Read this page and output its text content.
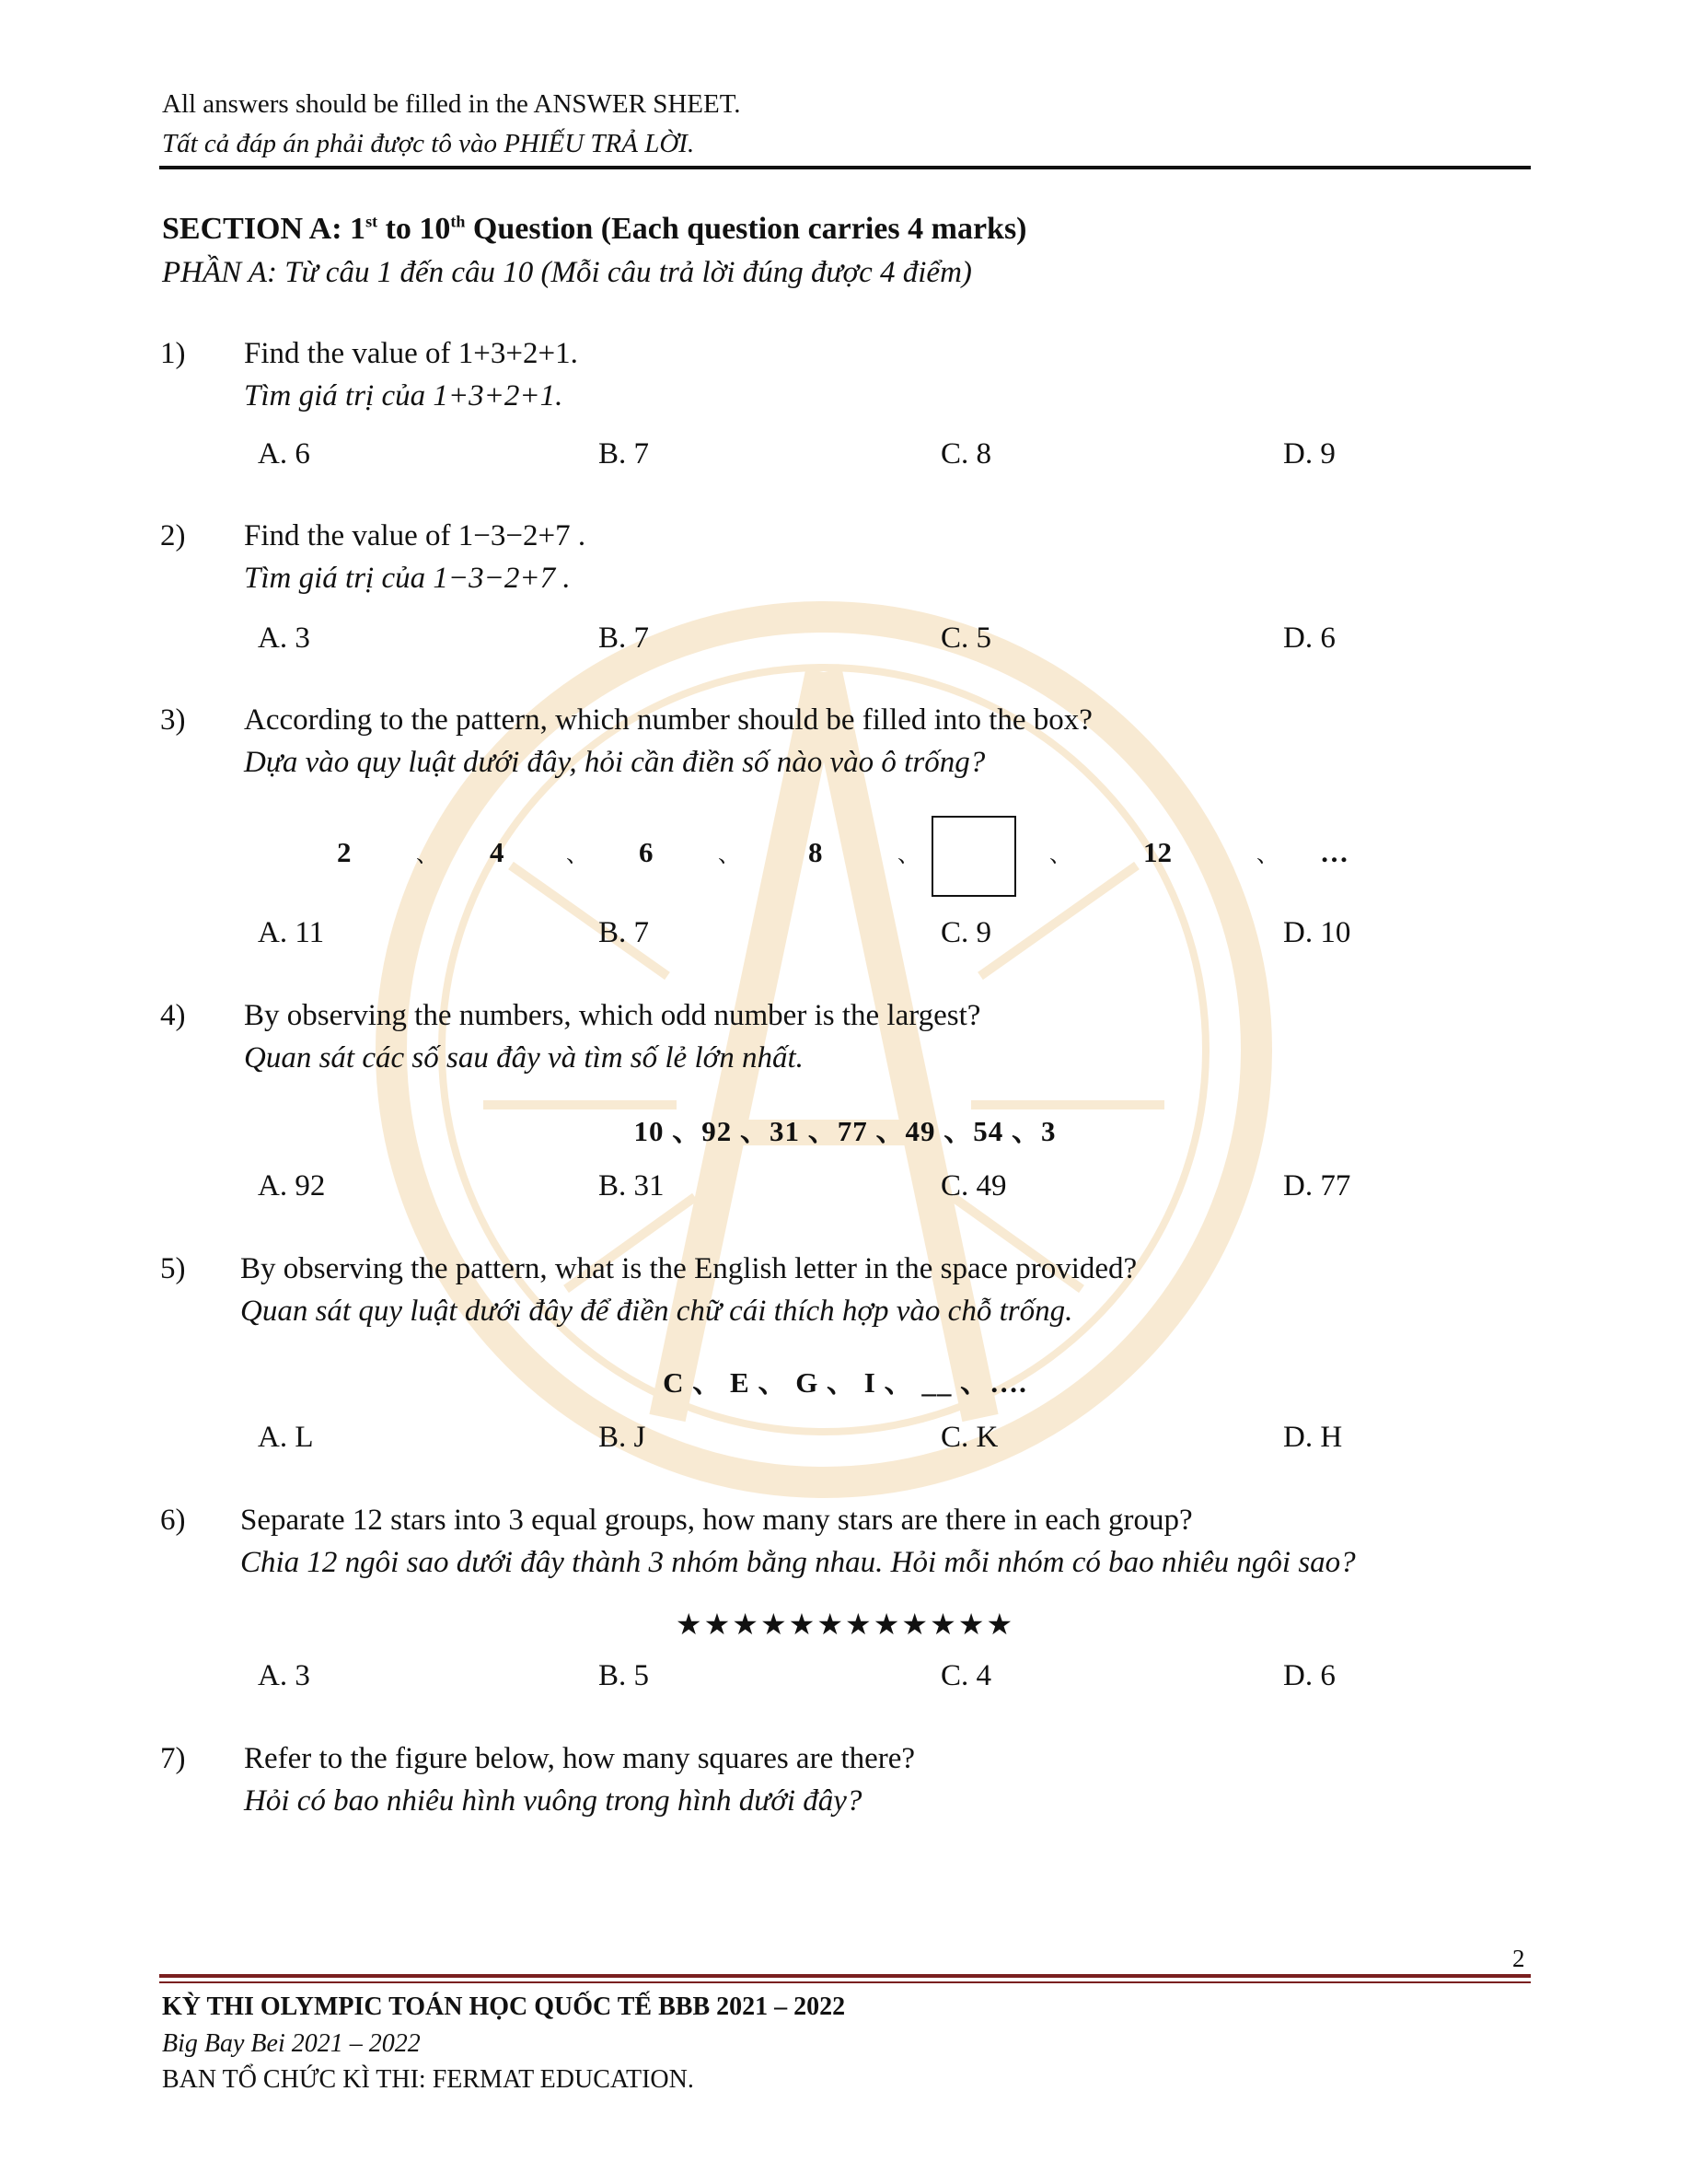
All answers should be filled in the ANSWER SHEET.
Tất cả đáp án phải được tô vào PHIẾU TRẢ LỜI.
SECTION A: 1st to 10th Question (Each question carries 4 marks)
PHẦN A: Từ câu 1 đến câu 10 (Mỗi câu trả lời đúng được 4 điểm)
1) Find the value of 1+3+2+1.
Tìm giá trị của 1+3+2+1.
A. 6	B. 7	C. 8	D. 9
2) Find the value of 1−3−2+7 .
Tìm giá trị của 1−3−2+7 .
A. 3	B. 7	C. 5	D. 6
3) According to the pattern, which number should be filled into the box?
Dựa vào quy luật dưới đây, hỏi cần điền số nào vào ô trống?
2	、 4	、 6	、 8	、	、	12	、 …
A. 11	B. 7	C. 9	D. 10
4) By observing the numbers, which odd number is the largest?
Quan sát các số sau đây và tìm số lẻ lớn nhất.
10 、92 、31 、77 、49 、54 、3
A. 92	B. 31	C. 49	D. 77
5) By observing the pattern, what is the English letter in the space provided?
Quan sát quy luật dưới đây để điền chữ cái thích hợp vào chỗ trống.
C 、 E 、 G 、 I 、 __ 、….
A. L	B. J	C. K	D. H
6) Separate 12 stars into 3 equal groups, how many stars are there in each group?
Chia 12 ngôi sao dưới đây thành 3 nhóm bằng nhau. Hỏi mỗi nhóm có bao nhiêu ngôi sao?
★★★★★★★★★★★★
A. 3	B. 5	C. 4	D. 6
7) Refer to the figure below, how many squares are there?
Hỏi có bao nhiêu hình vuông trong hình dưới đây?
2
KỲ THI OLYMPIC TOÁN HỌC QUỐC TẾ BBB 2021 – 2022
Big Bay Bei 2021 – 2022
BAN TỔ CHỨC KÌ THI: FERMAT EDUCATION.
